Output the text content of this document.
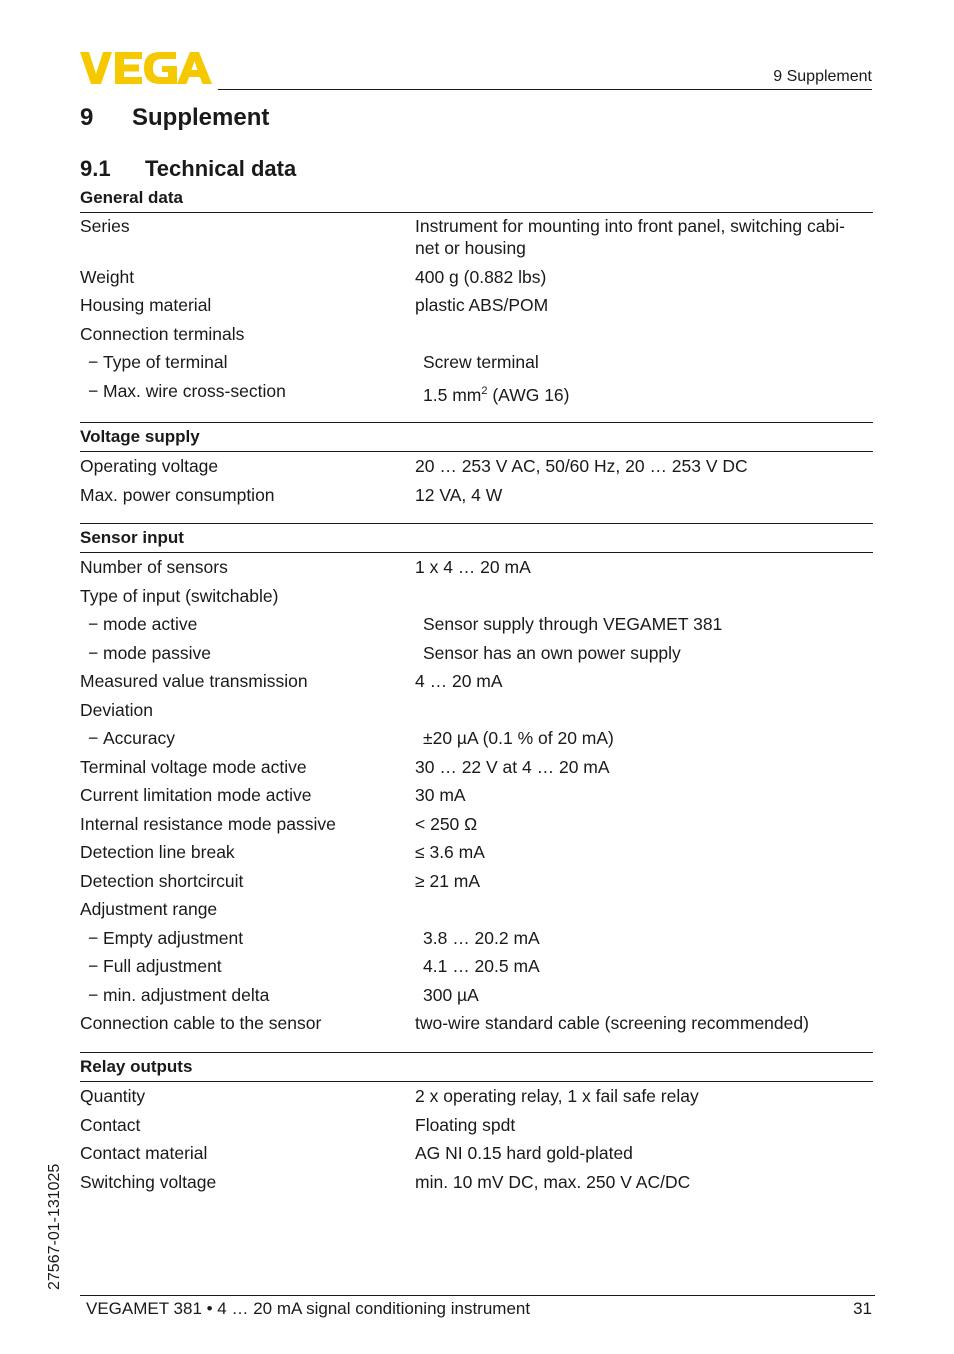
9 Supplement
9 Supplement
9.1 Technical data
General data
Series	Instrument for mounting into front panel, switching cabi-net or housing
Weight	400 g (0.882 lbs)
Housing material	plastic ABS/POM
Connection terminals
− Type of terminal	Screw terminal
− Max. wire cross-section	1.5 $mm^2$ (AWG 16)
Voltage supply
Operating voltage	20 … 253 V AC, 50/60 Hz, 20 … 253 V DC
Max. power consumption	12 VA, 4 W
Sensor input
Number of sensors	1 x 4 … 20 mA
Type of input (switchable)
− mode active	Sensor supply through VEGAMET 381
− mode passive	Sensor has an own power supply
Measured value transmission	4 … 20 mA
Deviation
− Accuracy	±20 µA (0.1 % of 20 mA)
Terminal voltage mode active	30 … 22 V at 4 … 20 mA
Current limitation mode active	30 mA
Internal resistance mode passive	< 250 Ω
Detection line break	≤ 3.6 mA
Detection shortcircuit	≥ 21 mA
Adjustment range
− Empty adjustment	3.8 … 20.2 mA
− Full adjustment	4.1 … 20.5 mA
− min. adjustment delta	300 µA
Connection cable to the sensor	two-wire standard cable (screening recommended)
Relay outputs
Quantity	2 x operating relay, 1 x fail safe relay
Contact	Floating spdt
Contact material	AG NI 0.15 hard gold-plated
Switching voltage	min. 10 mV DC, max. 250 V AC/DC
27567-01-131025
VEGAMET 381 • 4 … 20 mA signal conditioning instrument	31
